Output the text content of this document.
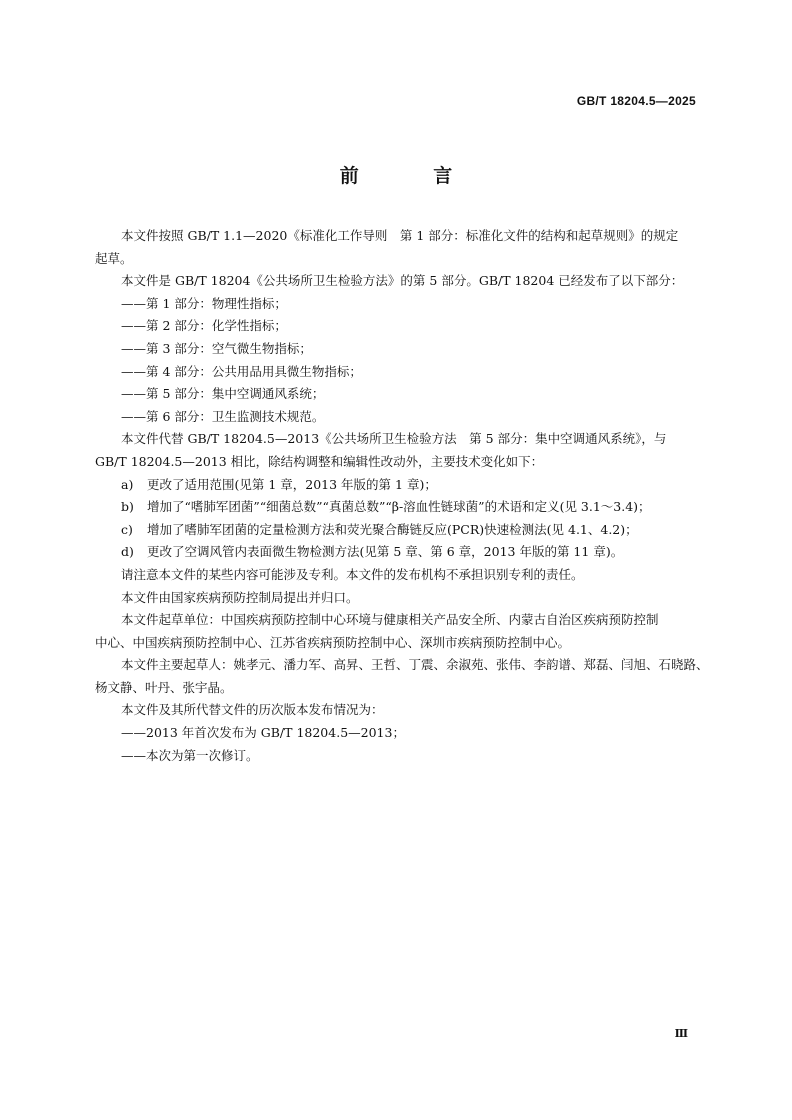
GB/T 18204.5—2025
前 言
本文件按照 GB/T 1.1—2020《标准化工作导则　第 1 部分：标准化文件的结构和起草规则》的规定
起草。
本文件是 GB/T 18204《公共场所卫生检验方法》的第 5 部分。GB/T 18204 已经发布了以下部分：
——第 1 部分：物理性指标；
——第 2 部分：化学性指标；
——第 3 部分：空气微生物指标；
——第 4 部分：公共用品用具微生物指标；
——第 5 部分：集中空调通风系统；
——第 6 部分：卫生监测技术规范。
本文件代替 GB/T 18204.5—2013《公共场所卫生检验方法　第 5 部分：集中空调通风系统》，与
GB/T 18204.5—2013 相比，除结构调整和编辑性改动外，主要技术变化如下：
a) 更改了适用范围(见第 1 章，2013 年版的第 1 章)；
b) 增加了“嗜肺军团菌”“细菌总数”“真菌总数”“β-溶血性链球菌”的术语和定义(见 3.1～3.4)；
c) 增加了嗜肺军团菌的定量检测方法和荧光聚合酶链反应(PCR)快速检测法(见 4.1、4.2)；
d) 更改了空调风管内表面微生物检测方法(见第 5 章、第 6 章，2013 年版的第 11 章)。
请注意本文件的某些内容可能涉及专利。本文件的发布机构不承担识别专利的责任。
本文件由国家疾病预防控制局提出并归口。
本文件起草单位：中国疾病预防控制中心环境与健康相关产品安全所、内蒙古自治区疾病预防控制
中心、中国疾病预防控制中心、江苏省疾病预防控制中心、深圳市疾病预防控制中心。
本文件主要起草人：姚孝元、潘力军、高昇、王哲、丁震、余淑苑、张伟、李韵谱、郑磊、闫旭、石晓路、
杨文静、叶丹、张宇晶。
本文件及其所代替文件的历次版本发布情况为：
——2013 年首次发布为 GB/T 18204.5—2013；
——本次为第一次修订。
Ⅲ
